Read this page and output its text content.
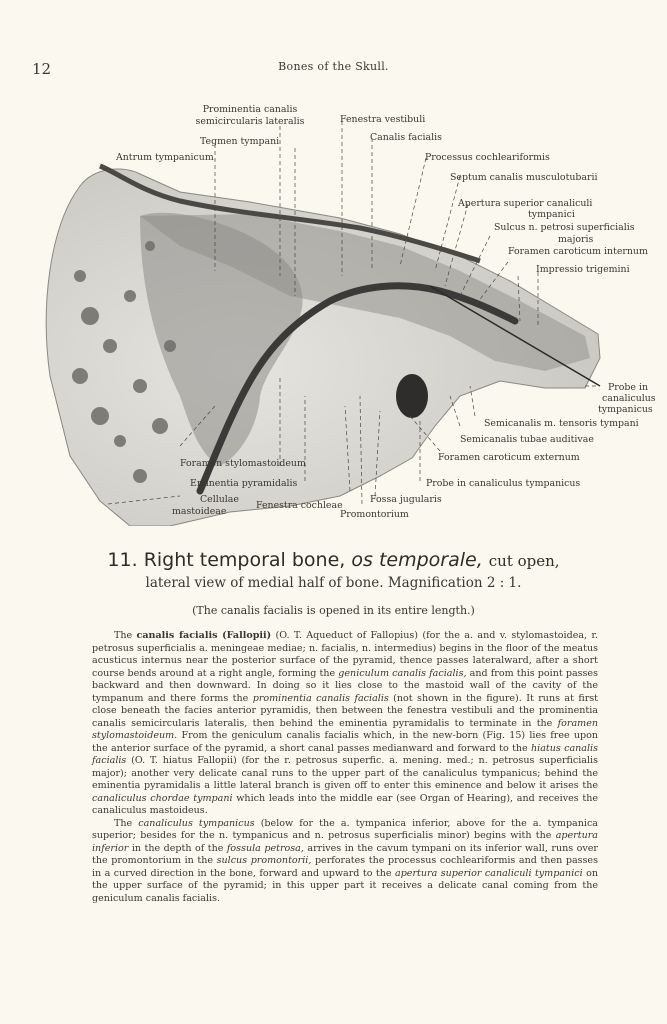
12	Bones of the Skull.
Prominentia canalis
semicircularis lateralis
Tegmen tympani
Antrum tympanicum
Fenestra vestibuli
Canalis facialis
Processus cochleariformis
Septum canalis musculotubarii
Apertura superior canaliculi
tympanici
Sulcus n. petrosi superficialis
majoris
Foramen caroticum internum
Impressio trigemini
Probe in
canaliculus
tympanicus
Semicanalis m. tensoris tympani
Semicanalis tubae auditivae
Foramen caroticum externum
Probe in canaliculus tympanicus
Foramen stylomastoideum
Eminentia pyramidalis
Cellulae
mastoideae
Fenestra cochleae
Fossa jugularis
Promontorium
11. Right temporal bone, os temporale, cut open,
lateral view of medial half of bone. Magnification 2 : 1.
(The canalis facialis is opened in its entire length.)

The canalis facialis (Fallopii) (O. T. Aqueduct of Fallopius) (for the a. and v. stylomastoidea, r. petrosus superficialis a. meningeae mediae; n. facialis, n. intermedius) begins in the floor of the meatus acusticus internus near the posterior surface of the pyramid, thence passes lateralward, after a short course bends around at a right angle, forming the geniculum canalis facialis, and from this point passes backward and then downward. In doing so it lies close to the mastoid wall of the cavity of the tympanum and there forms the prominentia canalis facialis (not shown in the figure). It runs at first close beneath the facies anterior pyramidis, then between the fenestra vestibuli and the prominentia canalis semicircularis lateralis, then behind the eminentia pyramidalis to terminate in the foramen stylomastoideum. From the geniculum canalis facialis which, in the new-born (Fig. 15) lies free upon the anterior surface of the pyramid, a short canal passes medianward and forward to the hiatus canalis facialis (O. T. hiatus Fallopii) (for the r. petrosus superfic. a. mening. med.; n. petrosus superficialis major); another very delicate canal runs to the upper part of the canaliculus tympanicus; behind the eminentia pyramidalis a little lateral branch is given off to enter this eminence and below it arises the canaliculus chordae tympani which leads into the middle ear (see Organ of Hearing), and receives the canaliculus mastoideus.

The canaliculus tympanicus (below for the a. tympanica inferior, above for the a. tympanica superior; besides for the n. tympanicus and n. petrosus superficialis minor) begins with the apertura inferior in the depth of the fossula petrosa, arrives in the cavum tympani on its inferior wall, runs over the promontorium in the sulcus promontorii, perforates the processus cochleariformis and then passes in a curved direction in the bone, forward and upward to the apertura superior canaliculi tympanici on the upper surface of the pyramid; in this upper part it receives a delicate canal coming from the geniculum canalis facialis.
